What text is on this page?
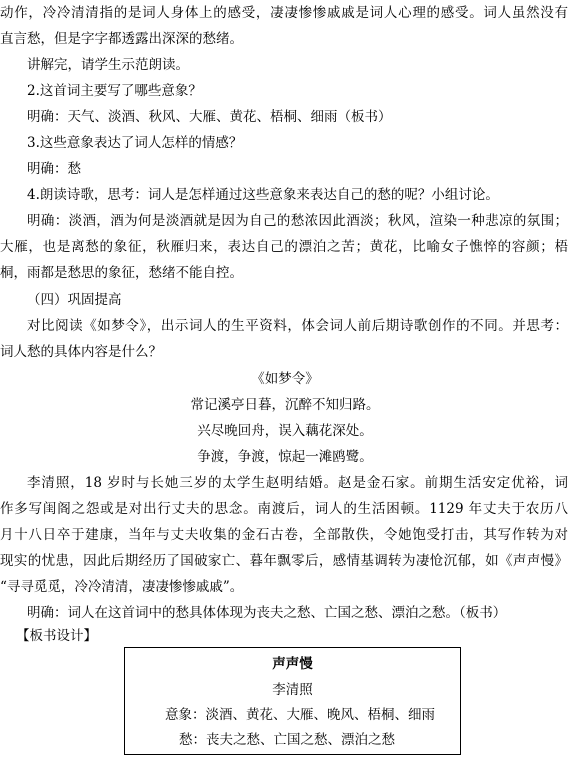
动作，冷冷清清指的是词人身体上的感受，凄凄惨惨戚戚是词人心理的感受。词人虽然没有
直言愁，但是字字都透露出深深的愁绪。
讲解完，请学生示范朗读。
2.这首词主要写了哪些意象？
明确：天气、淡酒、秋风、大雁、黄花、梧桐、细雨（板书）
3.这些意象表达了词人怎样的情感？
明确：愁
4.朗读诗歌，思考：词人是怎样通过这些意象来表达自己的愁的呢？小组讨论。
明确：淡酒，酒为何是淡酒就是因为自己的愁浓因此酒淡；秋风，渲染一种悲凉的氛围；
大雁，也是离愁的象征，秋雁归来，表达自己的漂泊之苦；黄花，比喻女子憔悴的容颜；梧
桐，雨都是愁思的象征，愁绪不能自控。
（四）巩固提高
对比阅读《如梦令》，出示词人的生平资料，体会词人前后期诗歌创作的不同。并思考：
词人愁的具体内容是什么？
《如梦令》
常记溪亭日暮，沉醉不知归路。
兴尽晚回舟，误入藕花深处。
争渡，争渡，惊起一滩鸥鹭。
李清照，18 岁时与长她三岁的太学生赵明结婚。赵是金石家。前期生活安定优裕，词
作多写闺阁之怨或是对出行丈夫的思念。南渡后，词人的生活困顿。1129 年丈夫于农历八
月十八日卒于建康，当年与丈夫收集的金石古卷，全部散佚，令她饱受打击，其写作转为对
现实的忧患，因此后期经历了国破家亡、暮年飘零后，感情基调转为凄怆沉郁，如《声声慢》
“寻寻觅觅，冷冷清清，凄凄惨惨戚戚”。
明确：词人在这首词中的愁具体体现为丧夫之愁、亡国之愁、漂泊之愁。（板书）
【板书设计】
声声慢
李清照
意象：淡酒、黄花、大雁、晚风、梧桐、细雨
愁：丧夫之愁、亡国之愁、漂泊之愁
